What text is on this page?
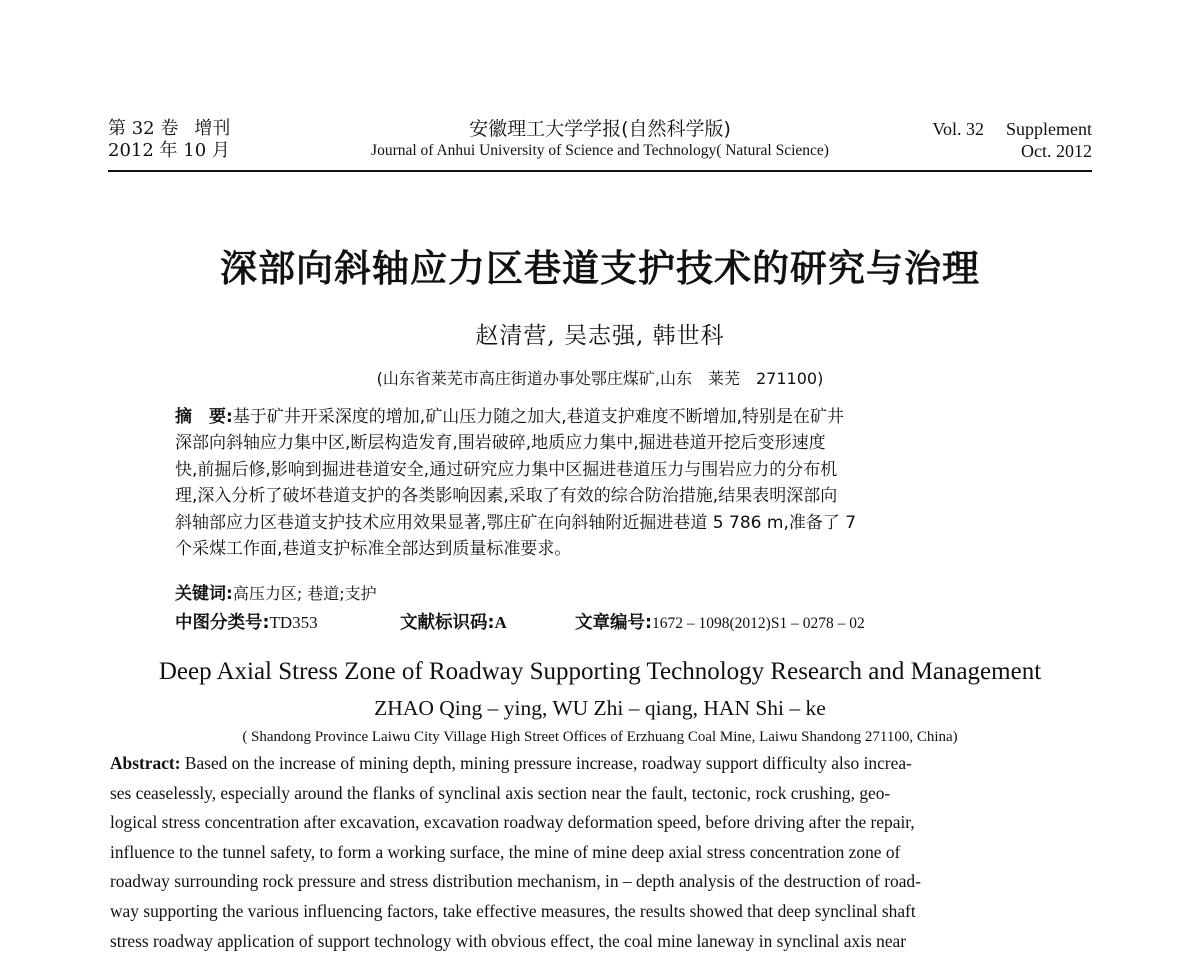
第 32 卷 增刊
2012 年 10 月
安徽理工大学学报(自然科学版)
Journal of Anhui University of Science and Technology( Natural Science)
Vol. 32 Supplement
Oct. 2012
深部向斜轴应力区巷道支护技术的研究与治理
赵清营, 吴志强, 韩世科
(山东省莱芜市高庄街道办事处鄂庄煤矿,山东　莱芜　271100)
摘　要:基于矿井开采深度的增加,矿山压力随之加大,巷道支护难度不断增加,特别是在矿井
深部向斜轴应力集中区,断层构造发育,围岩破碎,地质应力集中,掘进巷道开挖后变形速度
快,前掘后修,影响到掘进巷道安全,通过研究应力集中区掘进巷道压力与围岩应力的分布机
理,深入分析了破坏巷道支护的各类影响因素,采取了有效的综合防治措施,结果表明深部向
斜轴部应力区巷道支护技术应用效果显著,鄂庄矿在向斜轴附近掘进巷道 5 786 m,准备了 7
个采煤工作面,巷道支护标准全部达到质量标准要求。
关键词:高压力区; 巷道;支护
中图分类号:TD353	文献标识码:A	文章编号:1672 – 1098(2012)S1 – 0278 – 02
Deep Axial Stress Zone of Roadway Supporting Technology Research and Management
ZHAO Qing – ying, WU Zhi – qiang, HAN Shi – ke
( Shandong Province Laiwu City Village High Street Offices of Erzhuang Coal Mine, Laiwu Shandong 271100, China)
Abstract: Based on the increase of mining depth, mining pressure increase, roadway support difficulty also increa-
ses ceaselessly, especially around the flanks of synclinal axis section near the fault, tectonic, rock crushing, geo-
logical stress concentration after excavation, excavation roadway deformation speed, before driving after the repair,
influence to the tunnel safety, to form a working surface, the mine of mine deep axial stress concentration zone of
roadway surrounding rock pressure and stress distribution mechanism, in – depth analysis of the destruction of road-
way supporting the various influencing factors, take effective measures, the results showed that deep synclinal shaft
stress roadway application of support technology with obvious effect, the coal mine laneway in synclinal axis near
